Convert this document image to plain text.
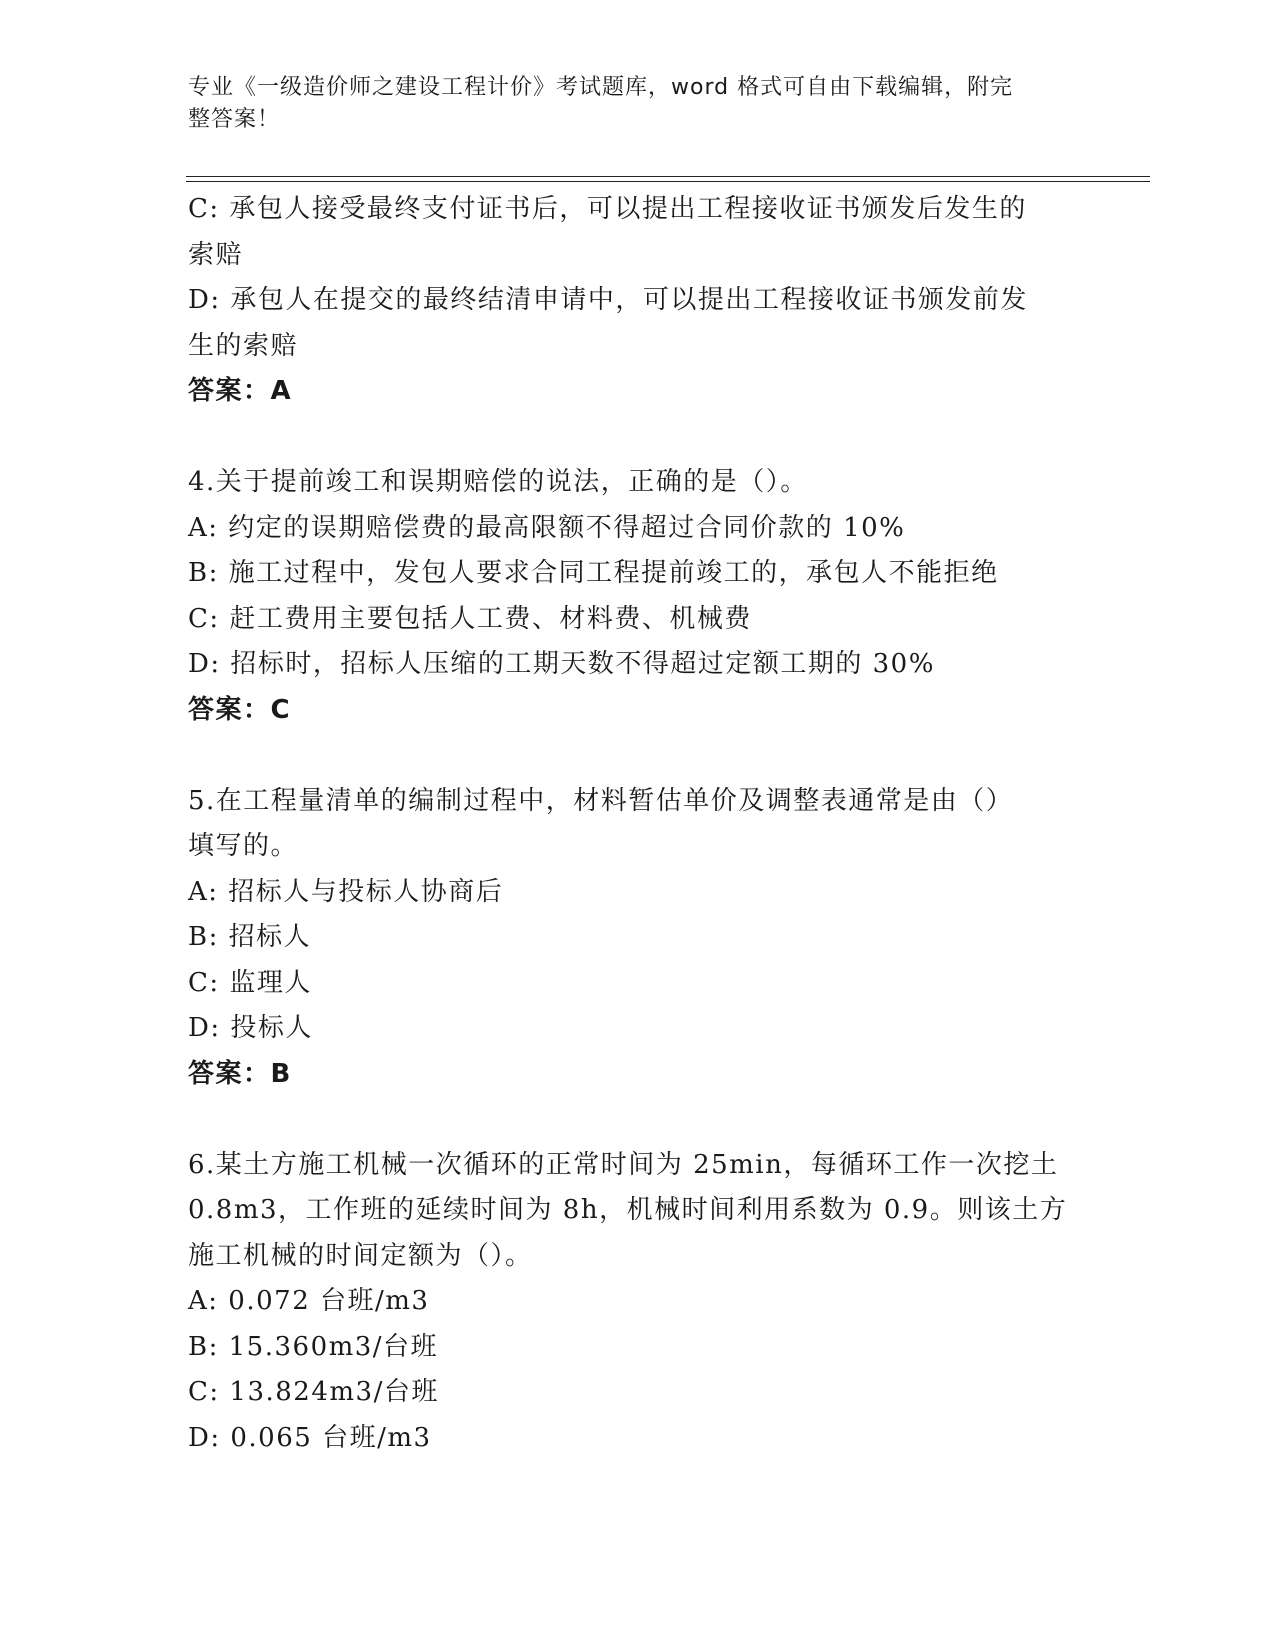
专业《一级造价师之建设工程计价》考试题库，word 格式可自由下载编辑，附完
整答案！
C: 承包人接受最终支付证书后，可以提出工程接收证书颁发后发生的
索赔
D: 承包人在提交的最终结清申请中，可以提出工程接收证书颁发前发
生的索赔
答案：A
4.关于提前竣工和误期赔偿的说法，正确的是（）。
A: 约定的误期赔偿费的最高限额不得超过合同价款的 10%
B: 施工过程中，发包人要求合同工程提前竣工的，承包人不能拒绝
C: 赶工费用主要包括人工费、材料费、机械费
D: 招标时，招标人压缩的工期天数不得超过定额工期的 30%
答案：C
5.在工程量清单的编制过程中，材料暂估单价及调整表通常是由（）
填写的。
A: 招标人与投标人协商后
B: 招标人
C: 监理人
D: 投标人
答案：B
6.某土方施工机械一次循环的正常时间为 25min，每循环工作一次挖土
0.8m3，工作班的延续时间为 8h，机械时间利用系数为 0.9。则该土方
施工机械的时间定额为（）。
A: 0.072 台班/m3
B: 15.360m3/台班
C: 13.824m3/台班
D: 0.065 台班/m3
